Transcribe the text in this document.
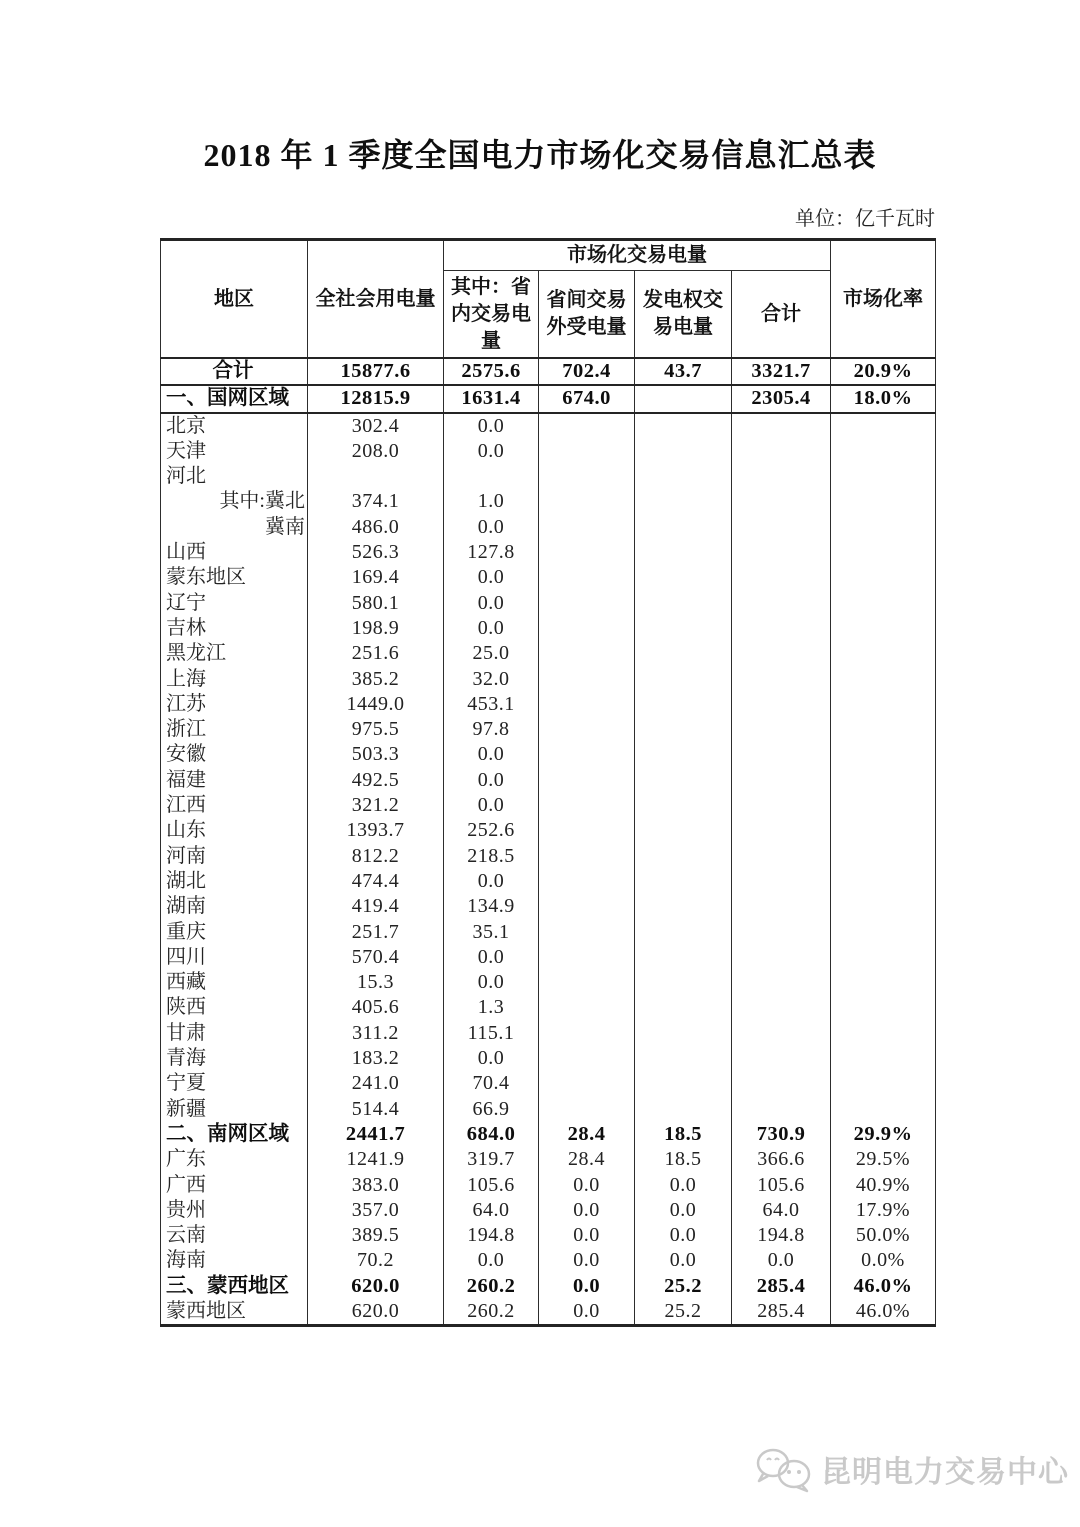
2018 年 1 季度全国电力市场化交易信息汇总表
单位：亿千瓦时
地区	全社会用电量	市场化交易电量				市场化率
		其中：省内交易电量	省间交易外受电量	发电权交易电量	合计	
合计	15877.6	2575.6	702.4	43.7	3321.7	20.9%
一、国网区域	12815.9	1631.4	674.0		2305.4	18.0%
北京	302.4	0.0				
天津	208.0	0.0				
河北						
其中:冀北	374.1	1.0				
冀南	486.0	0.0				
山西	526.3	127.8				
蒙东地区	169.4	0.0				
辽宁	580.1	0.0				
吉林	198.9	0.0				
黑龙江	251.6	25.0				
上海	385.2	32.0				
江苏	1449.0	453.1				
浙江	975.5	97.8				
安徽	503.3	0.0				
福建	492.5	0.0				
江西	321.2	0.0				
山东	1393.7	252.6				
河南	812.2	218.5				
湖北	474.4	0.0				
湖南	419.4	134.9				
重庆	251.7	35.1				
四川	570.4	0.0				
西藏	15.3	0.0				
陕西	405.6	1.3				
甘肃	311.2	115.1				
青海	183.2	0.0				
宁夏	241.0	70.4				
新疆	514.4	66.9				
二、南网区域	2441.7	684.0	28.4	18.5	730.9	29.9%
广东	1241.9	319.7	28.4	18.5	366.6	29.5%
广西	383.0	105.6	0.0	0.0	105.6	40.9%
贵州	357.0	64.0	0.0	0.0	64.0	17.9%
云南	389.5	194.8	0.0	0.0	194.8	50.0%
海南	70.2	0.0	0.0	0.0	0.0	0.0%
三、蒙西地区	620.0	260.2	0.0	25.2	285.4	46.0%
蒙西地区	620.0	260.2	0.0	25.2	285.4	46.0%
昆明电力交易中心
